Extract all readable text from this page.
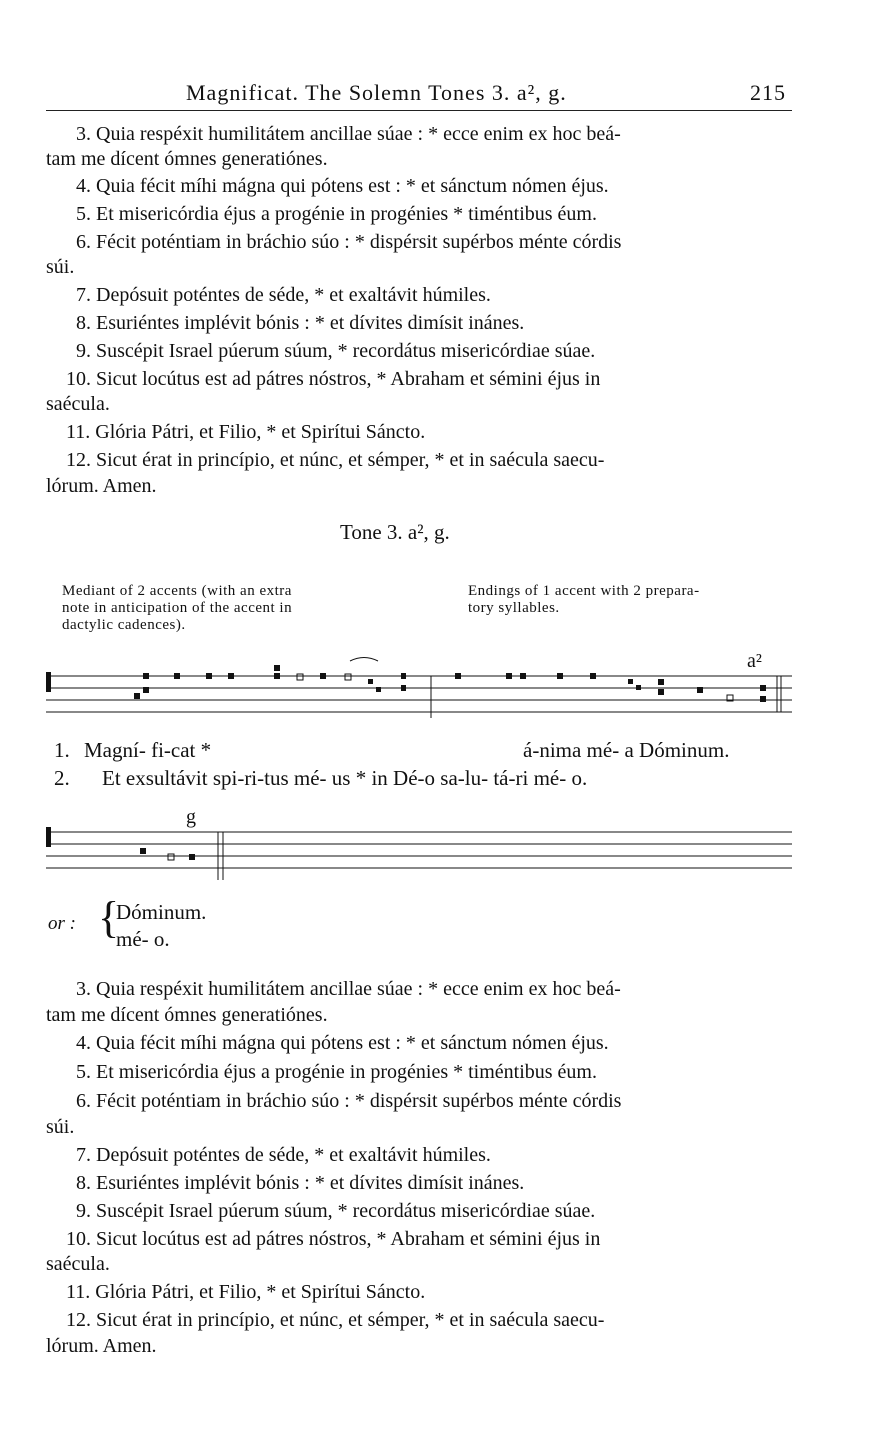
Magnificat. The Solemn Tones 3. a², g.	215
3. Quia respéxit humilitátem ancillae súae : * ecce enim ex hoc beá-
tam me dícent ómnes generatiónes.
4. Quia fécit míhi mágna qui pótens est : * et sánctum nómen éjus.
5. Et misericórdia éjus a progénie in progénies * timéntibus éum.
6. Fécit poténtiam in bráchio súo : * dispérsit supérbos ménte córdis
súi.
7. Depósuit poténtes de séde, * et exaltávit húmiles.
8. Esuriéntes implévit bónis : * et dívites dimísit inánes.
9. Suscépit Israel púerum súum, * recordátus misericórdiae súae.
10. Sicut locútus est ad pátres nóstros, * Abraham et sémini éjus in
saécula.
11. Glória Pátri, et Filio, * et Spirítui Sáncto.
12. Sicut érat in princípio, et núnc, et sémper, * et in saécula saecu-
lórum. Amen.
Tone 3. a², g.
Mediant of 2 accents (with an extra
note in anticipation of the accent in
dactylic cadences).
Endings of 1 accent with 2 prepara-
tory syllables.
a²
1. Magní- fi-cat *	á-nima mé- a Dóminum.
2. Et exsultávit spi-ri-tus mé- us * in Dé-o sa-lu- tá-ri mé- o.
g
or : {
Dóminum.
mé- o.
3. Quia respéxit humilitátem ancillae súae : * ecce enim ex hoc beá-
tam me dícent ómnes generatiónes.
4. Quia fécit míhi mágna qui pótens est : * et sánctum nómen éjus.
5. Et misericórdia éjus a progénie in progénies * timéntibus éum.
6. Fécit poténtiam in bráchio súo : * dispérsit supérbos ménte córdis
súi.
7. Depósuit poténtes de séde, * et exaltávit húmiles.
8. Esuriéntes implévit bónis : * et dívites dimísit inánes.
9. Suscépit Israel púerum súum, * recordátus misericórdiae súae.
10. Sicut locútus est ad pátres nóstros, * Abraham et sémini éjus in
saécula.
11. Glória Pátri, et Filio, * et Spirítui Sáncto.
12. Sicut érat in princípio, et núnc, et sémper, * et in saécula saecu-
lórum. Amen.
